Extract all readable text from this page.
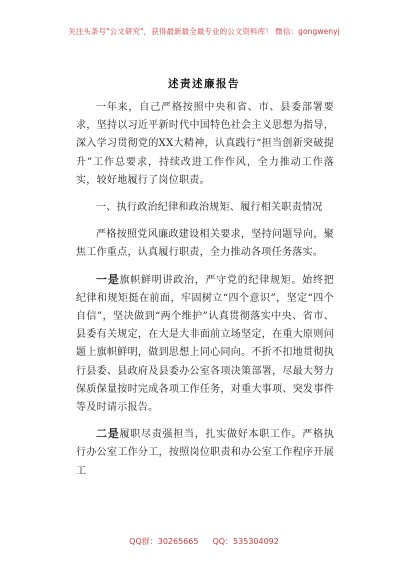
关注头条号"公文研究"，获得最新最全最专业的公文资料库！ 微信：gongwenyj
述责述廉报告

一年来，自己严格按照中央和省、市、县委部署要求，坚持以习近平新时代中国特色社会主义思想为指导，深入学习贯彻党的XX大精神，认真践行“担当创新突破提升”工作总要求，持续改进工作作风，全力推动工作落实，较好地履行了岗位职责。

一、执行政治纪律和政治规矩、履行相关职责情况

严格按照党风廉政建设相关要求，坚持问题导向，聚焦工作重点，认真履行职责，全力推动各项任务落实。

一是旗帜鲜明讲政治，严守党的纪律规矩。始终把纪律和规矩挺在前面，牢固树立“四个意识”，坚定“四个自信”，坚决做到“两个维护”认真贯彻落实中央、省市、县委有关规定，在大是大非面前立场坚定，在重大原则问题上旗帜鲜明，做到思想上同心同向。不折不扣地贯彻执行县委、县政府及县委办公室各项决策部署，尽最大努力保质保量按时完成各项工作任务，对重大事项、突发事件等及时请示报告。

二是履职尽责强担当，扎实做好本职工作。严格执行办公室工作分工，按照岗位职责和办公室工作程序开展工

QQ群：30265665 QQ：535304092
